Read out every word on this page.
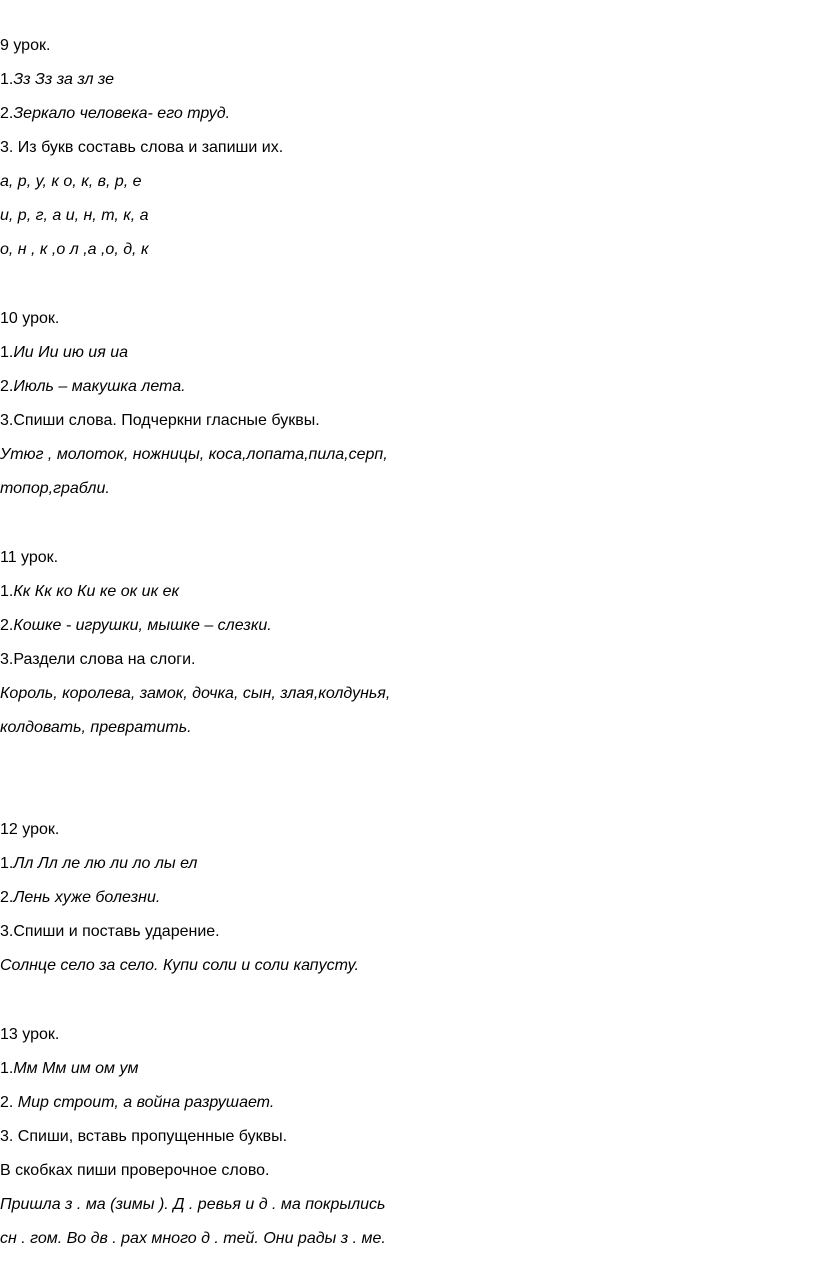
9 урок.
1.Зз Зз за зл зе
2.Зеркало человека- его труд.
3. Из букв составь слова и запиши их.
а, р, у, к о, к, в, р, е
и, р, г, а и, н, т, к, а
о, н , к ,о л ,а ,о, д, к
10 урок.
1.Ии Ии ию ия иа
2.Июль – макушка лета.
3.Спиши слова. Подчеркни гласные буквы.
Утюг , молоток, ножницы, коса,лопата,пила,серп,
топор,грабли.
11 урок.
1.Кк Кк ко Ки ке ок ик ек
2.Кошке - игрушки, мышке – слезки.
3.Раздели слова на слоги.
Король, королева, замок, дочка, сын, злая,колдунья,
колдовать, превратить.
12 урок.
1.Лл Лл ле лю ли ло лы ел
2.Лень хуже болезни.
3.Спиши и поставь ударение.
Солнце село за село. Купи соли и соли капусту.
13 урок.
1.Мм Мм им ом ум
2. Мир строит, а война разрушает.
3. Спиши, вставь пропущенные буквы.
В скобках пиши проверочное слово.
Пришла з . ма (зимы ). Д . ревья и д . ма покрылись
сн . гом. Во дв . рах много д . тей. Они рады з . ме.
